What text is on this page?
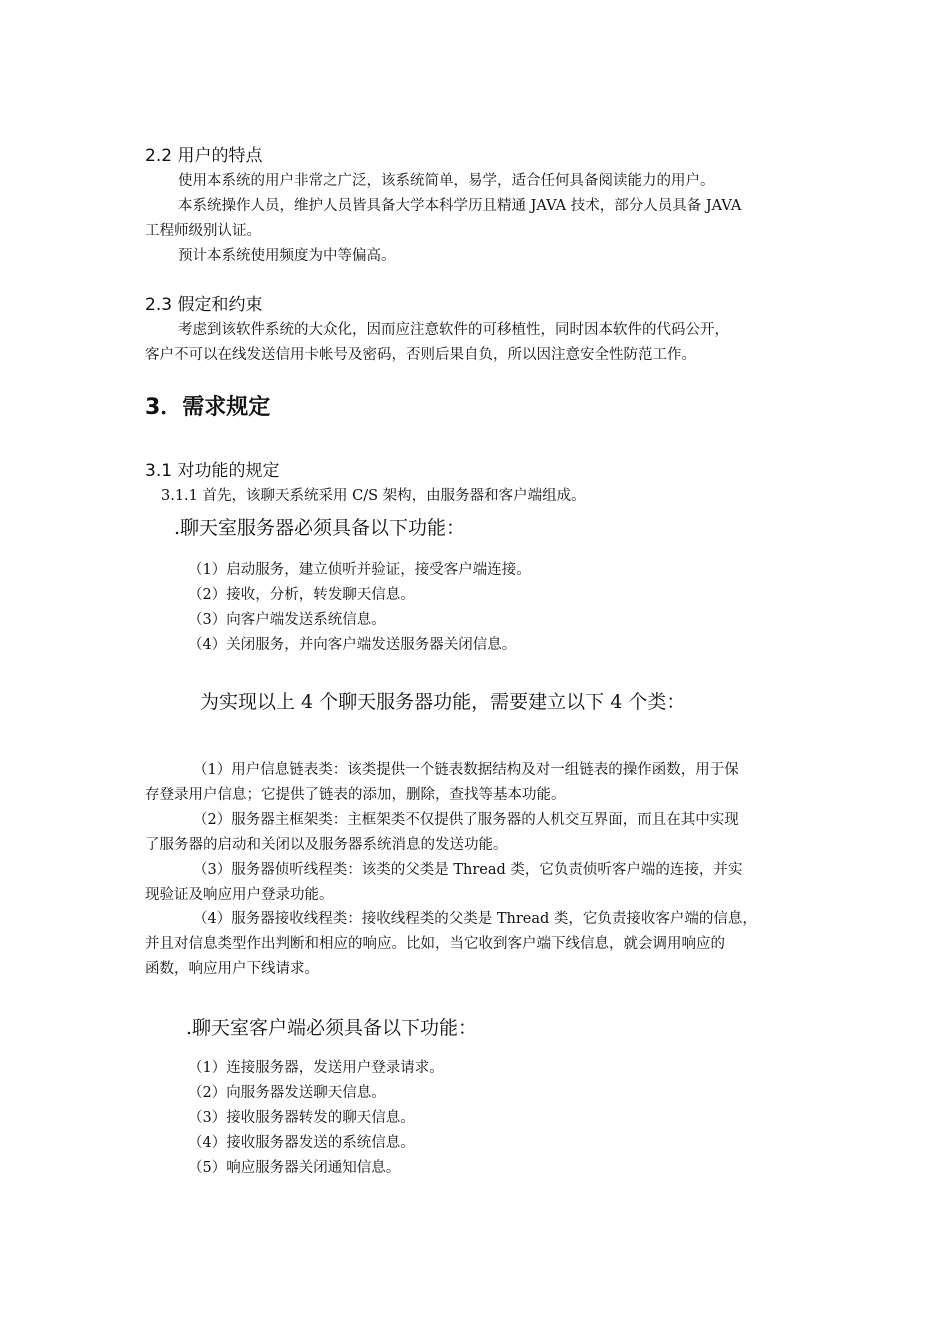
2.2 用户的特点
使用本系统的用户非常之广泛，该系统简单，易学，适合任何具备阅读能力的用户。
本系统操作人员，维护人员皆具备大学本科学历且精通 JAVA 技术，部分人员具备 JAVA
工程师级别认证。
预计本系统使用频度为中等偏高。
2.3 假定和约束
考虑到该软件系统的大众化，因而应注意软件的可移植性，同时因本软件的代码公开，
客户不可以在线发送信用卡帐号及密码，否则后果自负，所以因注意安全性防范工作。
3．需求规定
3.1 对功能的规定
3.1.1 首先，该聊天系统采用 C/S 架构，由服务器和客户端组成。
.聊天室服务器必须具备以下功能：
（1）启动服务，建立侦听并验证，接受客户端连接。
（2）接收，分析，转发聊天信息。
（3）向客户端发送系统信息。
（4）关闭服务，并向客户端发送服务器关闭信息。
为实现以上 4 个聊天服务器功能，需要建立以下 4 个类：
（1）用户信息链表类：该类提供一个链表数据结构及对一组链表的操作函数，用于保
存登录用户信息；它提供了链表的添加，删除，查找等基本功能。
（2）服务器主框架类：主框架类不仅提供了服务器的人机交互界面，而且在其中实现
了服务器的启动和关闭以及服务器系统消息的发送功能。
（3）服务器侦听线程类：该类的父类是 Thread 类，它负责侦听客户端的连接，并实
现验证及响应用户登录功能。
（4）服务器接收线程类：接收线程类的父类是 Thread 类，它负责接收客户端的信息，
并且对信息类型作出判断和相应的响应。比如，当它收到客户端下线信息，就会调用响应的
函数，响应用户下线请求。
.聊天室客户端必须具备以下功能：
（1）连接服务器，发送用户登录请求。
（2）向服务器发送聊天信息。
（3）接收服务器转发的聊天信息。
（4）接收服务器发送的系统信息。
（5）响应服务器关闭通知信息。
